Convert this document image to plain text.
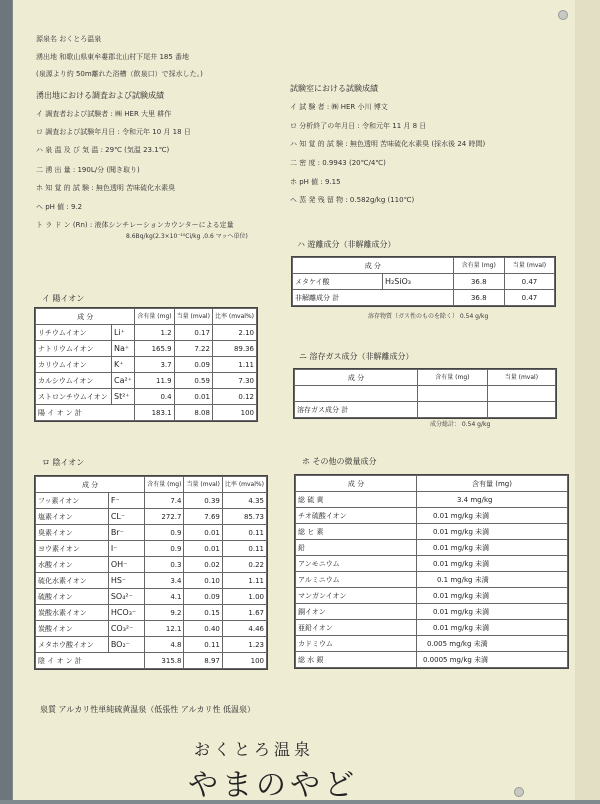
源泉名 おくとろ温泉
湧出地 和歌山県東牟婁郡北山村下尾井 185 番地
(泉源より約 50m離れた浴槽（飲泉口）で採水した。)
湧出地における調査および試験成績
イ 調査者および試験者 : ㈱ HER 大里 耕作
ロ 調査および試験年月日 : 令和元年 10 月 18 日
ハ 泉 温 及 び 気 温 : 29℃ (気温 23.1℃)
二 湧 出 量 : 190L/分 (聞き取り)
ホ 知 覚 的 試 験 : 無色透明 苦味硫化水素臭
ヘ pH 値 : 9.2
ト ラ ド ン (Rn) : 液体シンチレーションカウンターによる定量
8.6Bq/kg(2.3×10⁻¹⁰Ci/kg ,0.6 マッヘ単位)
試験室における試験成績
イ 試 験 者 : ㈱ HER 小川 博文
ロ 分析終了の年月日 : 令和元年 11 月 8 日
ハ 知 覚 的 試 験 : 無色透明 苦味硫化水素臭 (採水後 24 時間)
二 密 度 : 0.9943 (20℃/4℃)
ホ pH 値 : 9.15
ヘ 蒸 発 残 留 物 : 0.582g/kg (110℃)
イ 陽イオン
成 分		含有量 (mg)	当量 (mval)	比率 (mval%)
リチウムイオン	Li⁺	1.2	0.17	2.10
ナトリウムイオン	Na⁺	165.9	7.22	89.36
カリウムイオン	K⁺	3.7	0.09	1.11
カルシウムイオン	Ca²⁺	11.9	0.59	7.30
ストロンチウムイオン	St²⁺	0.4	0.01	0.12
陽 イ オ ン 計		183.1	8.08	100
ロ 陰イオン
成 分		含有量 (mg)	当量 (mval)	比率 (mval%)
フッ素イオン	F⁻	7.4	0.39	4.35
塩素イオン	CL⁻	272.7	7.69	85.73
臭素イオン	Br⁻	0.9	0.01	0.11
ヨウ素イオン	I⁻	0.9	0.01	0.11
水酸イオン	OH⁻	0.3	0.02	0.22
硫化水素イオン	HS⁻	3.4	0.10	1.11
硫酸イオン	SO₄²⁻	4.1	0.09	1.00
炭酸水素イオン	HCO₃⁻	9.2	0.15	1.67
炭酸イオン	CO₃²⁻	12.1	0.40	4.46
メタホウ酸イオン	BO₂⁻	4.8	0.11	1.23
陰 イ オ ン 計		315.8	8.97	100
ハ 遊離成分（非解離成分）
成 分		含有量 (mg)	当量 (mval)
メタケイ酸	H₂SiO₃	36.8	0.47
非解離成分 計		36.8	0.47
溶存物質（ガス性のものを除く） 0.54 g/kg
ニ 溶存ガス成分（非解離成分）
成 分	含有量 (mg)	当量 (mval)

溶存ガス成分 計		
成分総計： 0.54 g/kg
ホ その他の微量成分
成 分	含有量 (mg)
総 硫 黄	3.4 mg/kg
チオ硫酸イオン	0.01 mg/kg 未満
総 ヒ 素	0.01 mg/kg 未満
鉛	0.01 mg/kg 未満
アンモニウム	0.01 mg/kg 未満
アルミニウム	0.1 mg/kg 未満
マンガンイオン	0.01 mg/kg 未満
銅イオン	0.01 mg/kg 未満
亜鉛イオン	0.01 mg/kg 未満
カドミウム	0.005 mg/kg 未満
総 水 銀	0.0005 mg/kg 未満
泉質 アルカリ性単純硫黄温泉（低張性 アルカリ性 低温泉）
おくとろ温泉
やまのやど
